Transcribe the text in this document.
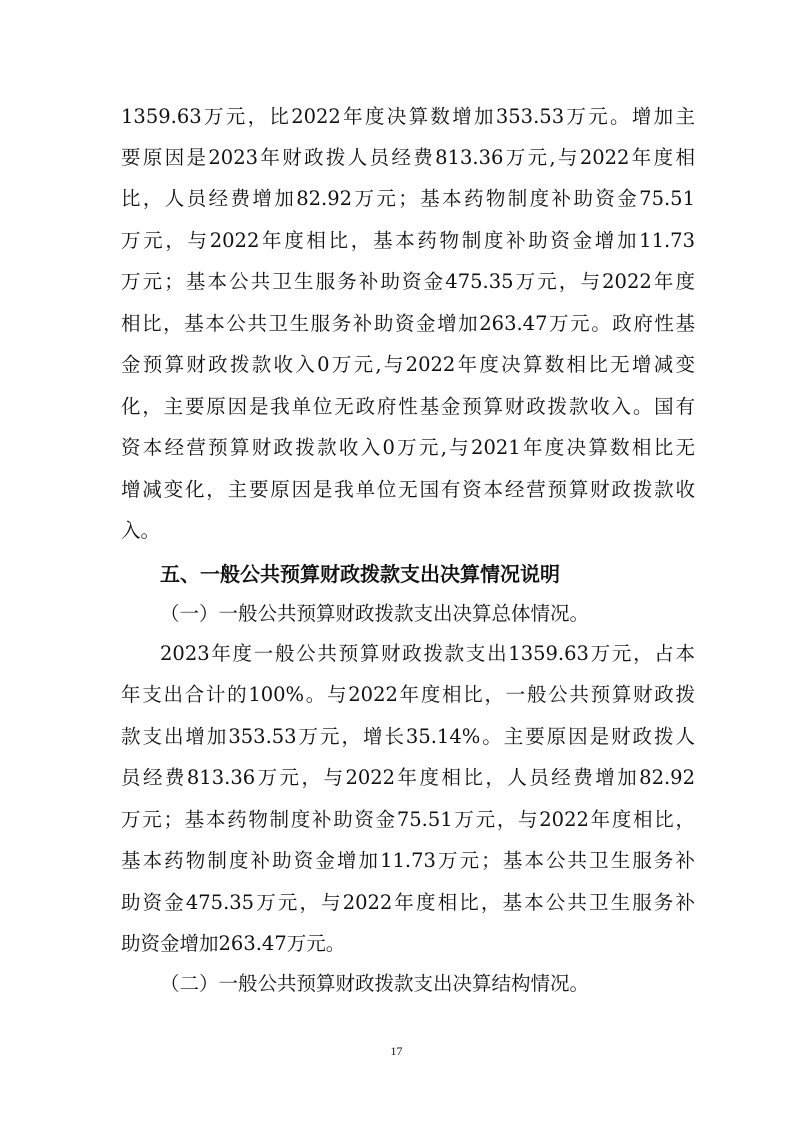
1359.63万元，比2022年度决算数增加353.53万元。增加主
要原因是2023年财政拨人员经费813.36万元,与2022年度相
比，人员经费增加82.92万元；基本药物制度补助资金75.51
万元，与2022年度相比，基本药物制度补助资金增加11.73
万元；基本公共卫生服务补助资金475.35万元，与2022年度
相比，基本公共卫生服务补助资金增加263.47万元。政府性基
金预算财政拨款收入0万元,与2022年度决算数相比无增减变
化，主要原因是我单位无政府性基金预算财政拨款收入。国有
资本经营预算财政拨款收入0万元,与2021年度决算数相比无
增减变化，主要原因是我单位无国有资本经营预算财政拨款收
入。
五、一般公共预算财政拨款支出决算情况说明
（一）一般公共预算财政拨款支出决算总体情况。
2023年度一般公共预算财政拨款支出1359.63万元，占本
年支出合计的100%。与2022年度相比，一般公共预算财政拨
款支出增加353.53万元，增长35.14%。主要原因是财政拨人
员经费813.36万元，与2022年度相比，人员经费增加82.92
万元；基本药物制度补助资金75.51万元，与2022年度相比，
基本药物制度补助资金增加11.73万元；基本公共卫生服务补
助资金475.35万元，与2022年度相比，基本公共卫生服务补
助资金增加263.47万元。
（二）一般公共预算财政拨款支出决算结构情况。
17
